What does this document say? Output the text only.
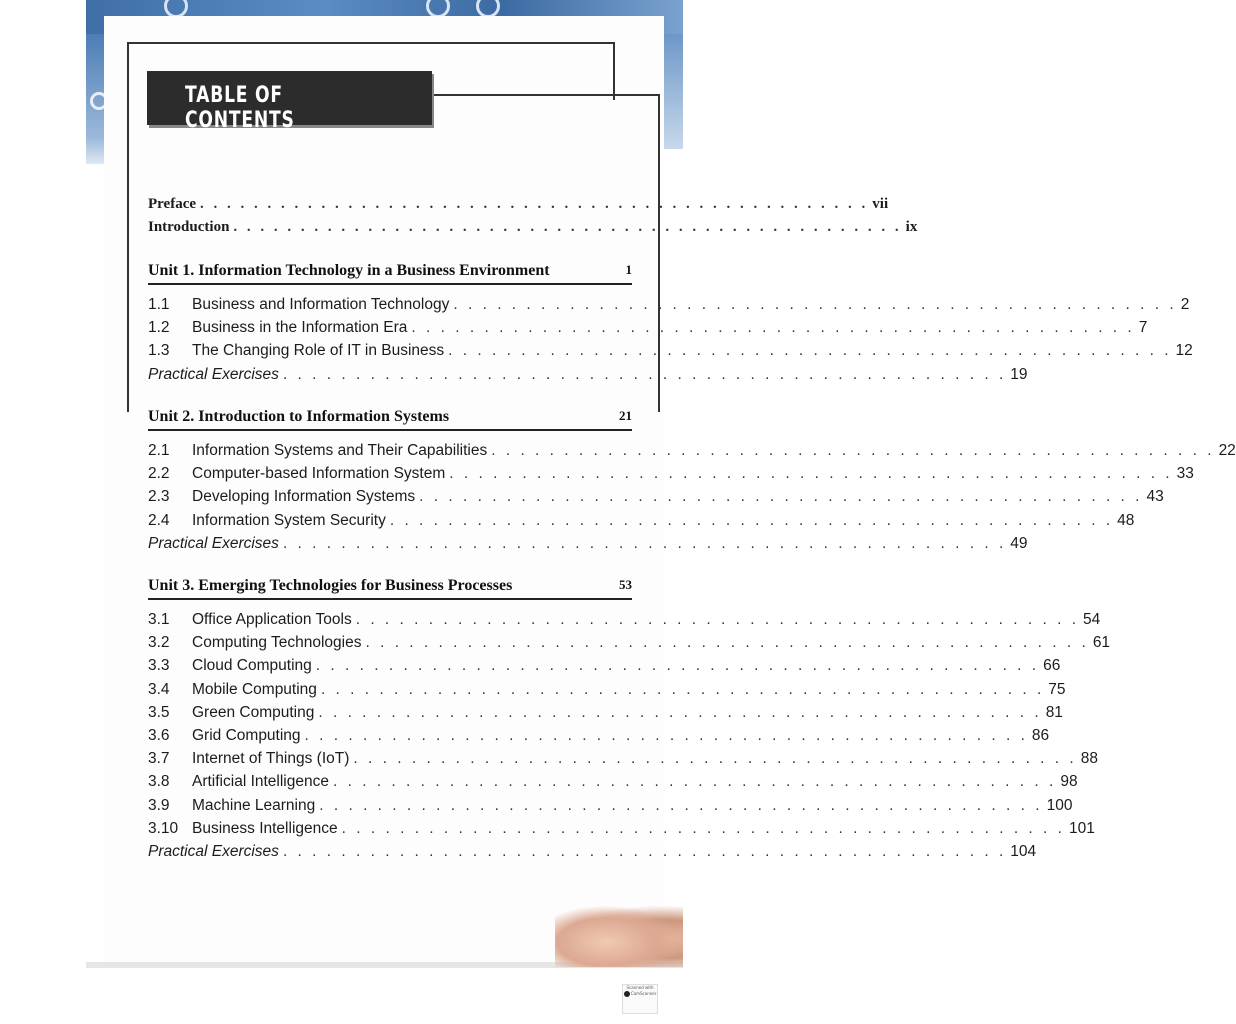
TABLE OF CONTENTS
Preface . . . . . . . . . . . . . . . . . . . . . . . . . . . . . . . . . . . . . . . . . . . . . . . . . . vii
Introduction . . . . . . . . . . . . . . . . . . . . . . . . . . . . . . . . . . . . . . . . . . . . . . . . . . ix
Unit 1. Information Technology in a Business Environment	1
1.1	Business and Information Technology . . . . . . . . . . . . . . . . . . . . . . . . . . . . . . . . . . . . . . . . . . . . . . . . . . 2
1.2	Business in the Information Era . . . . . . . . . . . . . . . . . . . . . . . . . . . . . . . . . . . . . . . . . . . . . . . . . . 7
1.3	The Changing Role of IT in Business . . . . . . . . . . . . . . . . . . . . . . . . . . . . . . . . . . . . . . . . . . . . . . . . . . 12
Practical Exercises . . . . . . . . . . . . . . . . . . . . . . . . . . . . . . . . . . . . . . . . . . . . . . . . . . 19
Unit 2. Introduction to Information Systems	21
2.1	Information Systems and Their Capabilities . . . . . . . . . . . . . . . . . . . . . . . . . . . . . . . . . . . . . . . . . . . . . . . . . . 22
2.2	Computer-based Information System . . . . . . . . . . . . . . . . . . . . . . . . . . . . . . . . . . . . . . . . . . . . . . . . . . 33
2.3	Developing Information Systems . . . . . . . . . . . . . . . . . . . . . . . . . . . . . . . . . . . . . . . . . . . . . . . . . . 43
2.4	Information System Security . . . . . . . . . . . . . . . . . . . . . . . . . . . . . . . . . . . . . . . . . . . . . . . . . . 48
Practical Exercises . . . . . . . . . . . . . . . . . . . . . . . . . . . . . . . . . . . . . . . . . . . . . . . . . . 49
Unit 3. Emerging Technologies for Business Processes	53
3.1	Office Application Tools . . . . . . . . . . . . . . . . . . . . . . . . . . . . . . . . . . . . . . . . . . . . . . . . . . 54
3.2	Computing Technologies . . . . . . . . . . . . . . . . . . . . . . . . . . . . . . . . . . . . . . . . . . . . . . . . . . 61
3.3	Cloud Computing . . . . . . . . . . . . . . . . . . . . . . . . . . . . . . . . . . . . . . . . . . . . . . . . . . 66
3.4	Mobile Computing . . . . . . . . . . . . . . . . . . . . . . . . . . . . . . . . . . . . . . . . . . . . . . . . . . 75
3.5	Green Computing . . . . . . . . . . . . . . . . . . . . . . . . . . . . . . . . . . . . . . . . . . . . . . . . . . 81
3.6	Grid Computing . . . . . . . . . . . . . . . . . . . . . . . . . . . . . . . . . . . . . . . . . . . . . . . . . . 86
3.7	Internet of Things (IoT) . . . . . . . . . . . . . . . . . . . . . . . . . . . . . . . . . . . . . . . . . . . . . . . . . . 88
3.8	Artificial Intelligence . . . . . . . . . . . . . . . . . . . . . . . . . . . . . . . . . . . . . . . . . . . . . . . . . . 98
3.9	Machine Learning . . . . . . . . . . . . . . . . . . . . . . . . . . . . . . . . . . . . . . . . . . . . . . . . . . 100
3.10 Business Intelligence . . . . . . . . . . . . . . . . . . . . . . . . . . . . . . . . . . . . . . . . . . . . . . . . . . 101
Practical Exercises . . . . . . . . . . . . . . . . . . . . . . . . . . . . . . . . . . . . . . . . . . . . . . . . . . 104
Scanned with
CamScanner
